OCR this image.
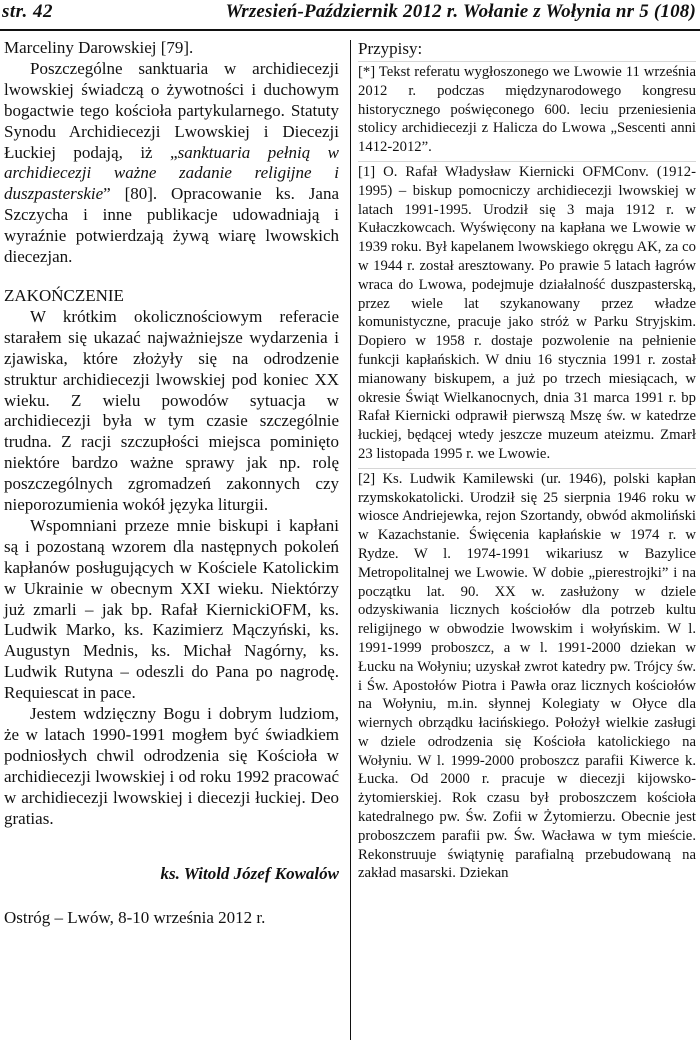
str. 42	Wrzesień-Październik 2012 r. Wołanie z Wołynia nr 5 (108)

Marceliny Darowskiej [79].

Poszczególne sanktuaria w archidiecezji lwowskiej świadczą o żywotności i duchowym bogactwie tego kościoła partykularnego. Statuty Synodu Archidiecezji Lwowskiej i Diecezji Łuckiej podają, iż „sanktuaria pełnią w archidiecezji ważne zadanie religijne i duszpasterskie” [80]. Opracowanie ks. Jana Szczycha i inne publikacje udowadniają i wyraźnie potwierdzają żywą wiarę lwowskich diecezjan.

ZAKOŃCZENIE

W krótkim okolicznościowym referacie starałem się ukazać najważniejsze wydarzenia i zjawiska, które złożyły się na odrodzenie struktur archidiecezji lwowskiej pod koniec XX wieku. Z wielu powodów sytuacja w archidiecezji była w tym czasie szczególnie trudna. Z racji szczupłości miejsca pominięto niektóre bardzo ważne sprawy jak np. rolę poszczególnych zgromadzeń zakonnych czy nieporozumienia wokół języka liturgii.

Wspomniani przeze mnie biskupi i kapłani są i pozostaną wzorem dla następnych pokoleń kapłanów posługujących w Kościele Katolickim w Ukrainie w obecnym XXI wieku. Niektórzy już zmarli – jak bp. Rafał KiernickiOFM, ks. Ludwik Marko, ks. Kazimierz Mączyński, ks. Augustyn Mednis, ks. Michał Nagórny, ks. Ludwik Rutyna – odeszli do Pana po nagrodę. Requiescat in pace.

Jestem wdzięczny Bogu i dobrym ludziom, że w latach 1990-1991 mogłem być świadkiem podniosłych chwil odrodzenia się Kościoła w archidiecezji lwowskiej i od roku 1992 pracować w archidiecezji lwowskiej i diecezji łuckiej. Deo gratias.

ks. Witold Józef Kowalów

Ostróg – Lwów, 8-10 września 2012 r.

Przypisy:

[*] Tekst referatu wygłoszonego we Lwowie 11 września 2012 r. podczas międzynarodowego kongresu historycznego poświęconego 600. leciu przeniesienia stolicy archidiecezji z Halicza do Lwowa „Sescenti anni 1412-2012”.

[1] O. Rafał Władysław Kiernicki OFMConv. (1912-1995) – biskup pomocniczy archidiecezji lwowskiej w latach 1991-1995. Urodził się 3 maja 1912 r. w Kułaczkowcach. Wyświęcony na kapłana we Lwowie w 1939 roku. Był kapelanem lwowskiego okręgu AK, za co w 1944 r. został aresztowany. Po prawie 5 latach łagrów wraca do Lwowa, podejmuje działalność duszpasterską, przez wiele lat szykanowany przez władze komunistyczne, pracuje jako stróż w Parku Stryjskim. Dopiero w 1958 r. dostaje pozwolenie na pełnienie funkcji kapłańskich. W dniu 16 stycznia 1991 r. został mianowany biskupem, a już po trzech miesiącach, w okresie Świąt Wielkanocnych, dnia 31 marca 1991 r. bp Rafał Kiernicki odprawił pierwszą Mszę św. w katedrze łuckiej, będącej wtedy jeszcze muzeum ateizmu. Zmarł 23 listopada 1995 r. we Lwowie.

[2] Ks. Ludwik Kamilewski (ur. 1946), polski kapłan rzymskokatolicki. Urodził się 25 sierpnia 1946 roku w wiosce Andriejewka, rejon Szortandy, obwód akmoliński w Kazachstanie. Święcenia kapłańskie w 1974 r. w Rydze. W l. 1974-1991 wikariusz w Bazylice Metropolitalnej we Lwowie. W dobie „pierestrojki” i na początku lat. 90. XX w. zasłużony w dziele odzyskiwania licznych kościołów dla potrzeb kultu religijnego w obwodzie lwowskim i wołyńskim. W l. 1991-1999 proboszcz, a w l. 1991-2000 dziekan w Łucku na Wołyniu; uzyskał zwrot katedry pw. Trójcy św. i Św. Apostołów Piotra i Pawła oraz licznych kościołów na Wołyniu, m.in. słynnej Kolegiaty w Ołyce dla wiernych obrządku łacińskiego. Położył wielkie zasługi w dziele odrodzenia się Kościoła katolickiego na Wołyniu. W l. 1999-2000 proboszcz parafii Kiwerce k. Łucka. Od 2000 r. pracuje w diecezji kijowsko-żytomierskiej. Rok czasu był proboszczem kościoła katedralnego pw. Św. Zofii w Żytomierzu. Obecnie jest proboszczem parafii pw. Św. Wacława w tym mieście. Rekonstruuje świątynię parafialną przebudowaną na zakład masarski. Dziekan
